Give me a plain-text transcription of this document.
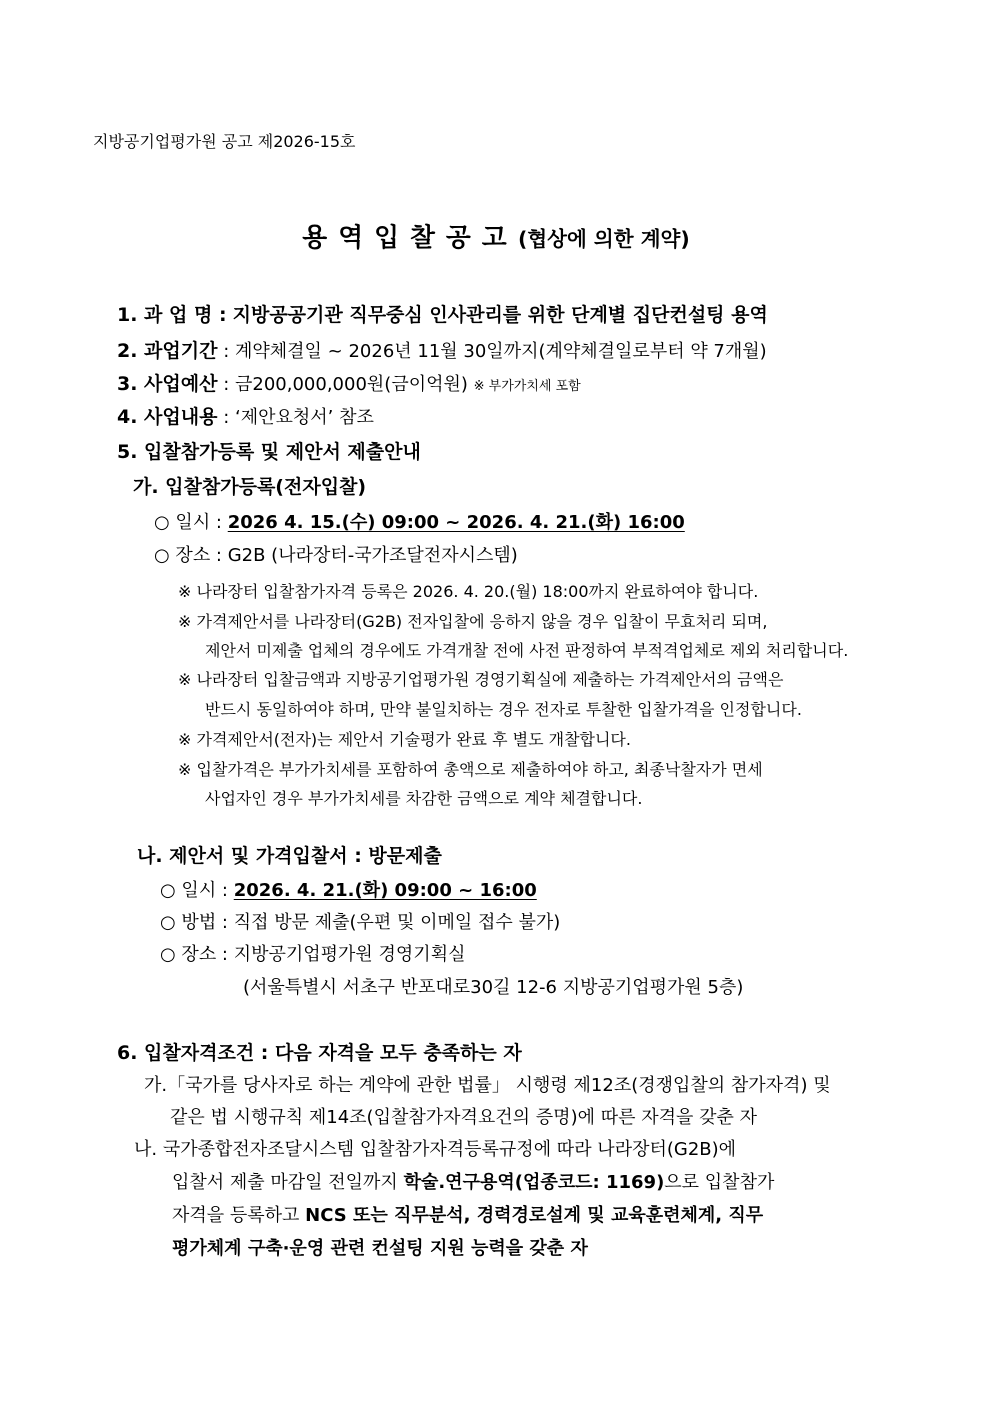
지방공기업평가원 공고 제2026-15호
용 역 입 찰 공 고 (협상에 의한 계약)
1. 과 업 명 : 지방공공기관 직무중심 인사관리를 위한 단계별 집단컨설팅 용역
2. 과업기간 : 계약체결일 ~ 2026년 11월 30일까지(계약체결일로부터 약 7개월)
3. 사업예산 : 금200,000,000원(금이억원) ※ 부가가치세 포함
4. 사업내용 : ‘제안요청서’ 참조
5. 입찰참가등록 및 제안서 제출안내
가. 입찰참가등록(전자입찰)
○ 일시 : 2026 4. 15.(수) 09:00 ~ 2026. 4. 21.(화) 16:00
○ 장소 : G2B (나라장터-국가조달전자시스템)
※ 나라장터 입찰참가자격 등록은 2026. 4. 20.(월) 18:00까지 완료하여야 합니다.
※ 가격제안서를 나라장터(G2B) 전자입찰에 응하지 않을 경우 입찰이 무효처리 되며,
제안서 미제출 업체의 경우에도 가격개찰 전에 사전 판정하여 부적격업체로 제외 처리합니다.
※ 나라장터 입찰금액과 지방공기업평가원 경영기획실에 제출하는 가격제안서의 금액은
반드시 동일하여야 하며, 만약 불일치하는 경우 전자로 투찰한 입찰가격을 인정합니다.
※ 가격제안서(전자)는 제안서 기술평가 완료 후 별도 개찰합니다.
※ 입찰가격은 부가가치세를 포함하여 총액으로 제출하여야 하고, 최종낙찰자가 면세
사업자인 경우 부가가치세를 차감한 금액으로 계약 체결합니다.
나. 제안서 및 가격입찰서 : 방문제출
○ 일시 : 2026. 4. 21.(화) 09:00 ~ 16:00
○ 방법 : 직접 방문 제출(우편 및 이메일 접수 불가)
○ 장소 : 지방공기업평가원 경영기획실
(서울특별시 서초구 반포대로30길 12-6 지방공기업평가원 5층)
6. 입찰자격조건 : 다음 자격을 모두 충족하는 자
가.「국가를 당사자로 하는 계약에 관한 법률」 시행령 제12조(경쟁입찰의 참가자격) 및
같은 법 시행규칙 제14조(입찰참가자격요건의 증명)에 따른 자격을 갖춘 자
나. 국가종합전자조달시스템 입찰참가자격등록규정에 따라 나라장터(G2B)에
입찰서 제출 마감일 전일까지 학술.연구용역(업종코드: 1169)으로 입찰참가
자격을 등록하고 NCS 또는 직무분석, 경력경로설계 및 교육훈련체계, 직무
평가체계 구축·운영 관련 컨설팅 지원 능력을 갖춘 자
